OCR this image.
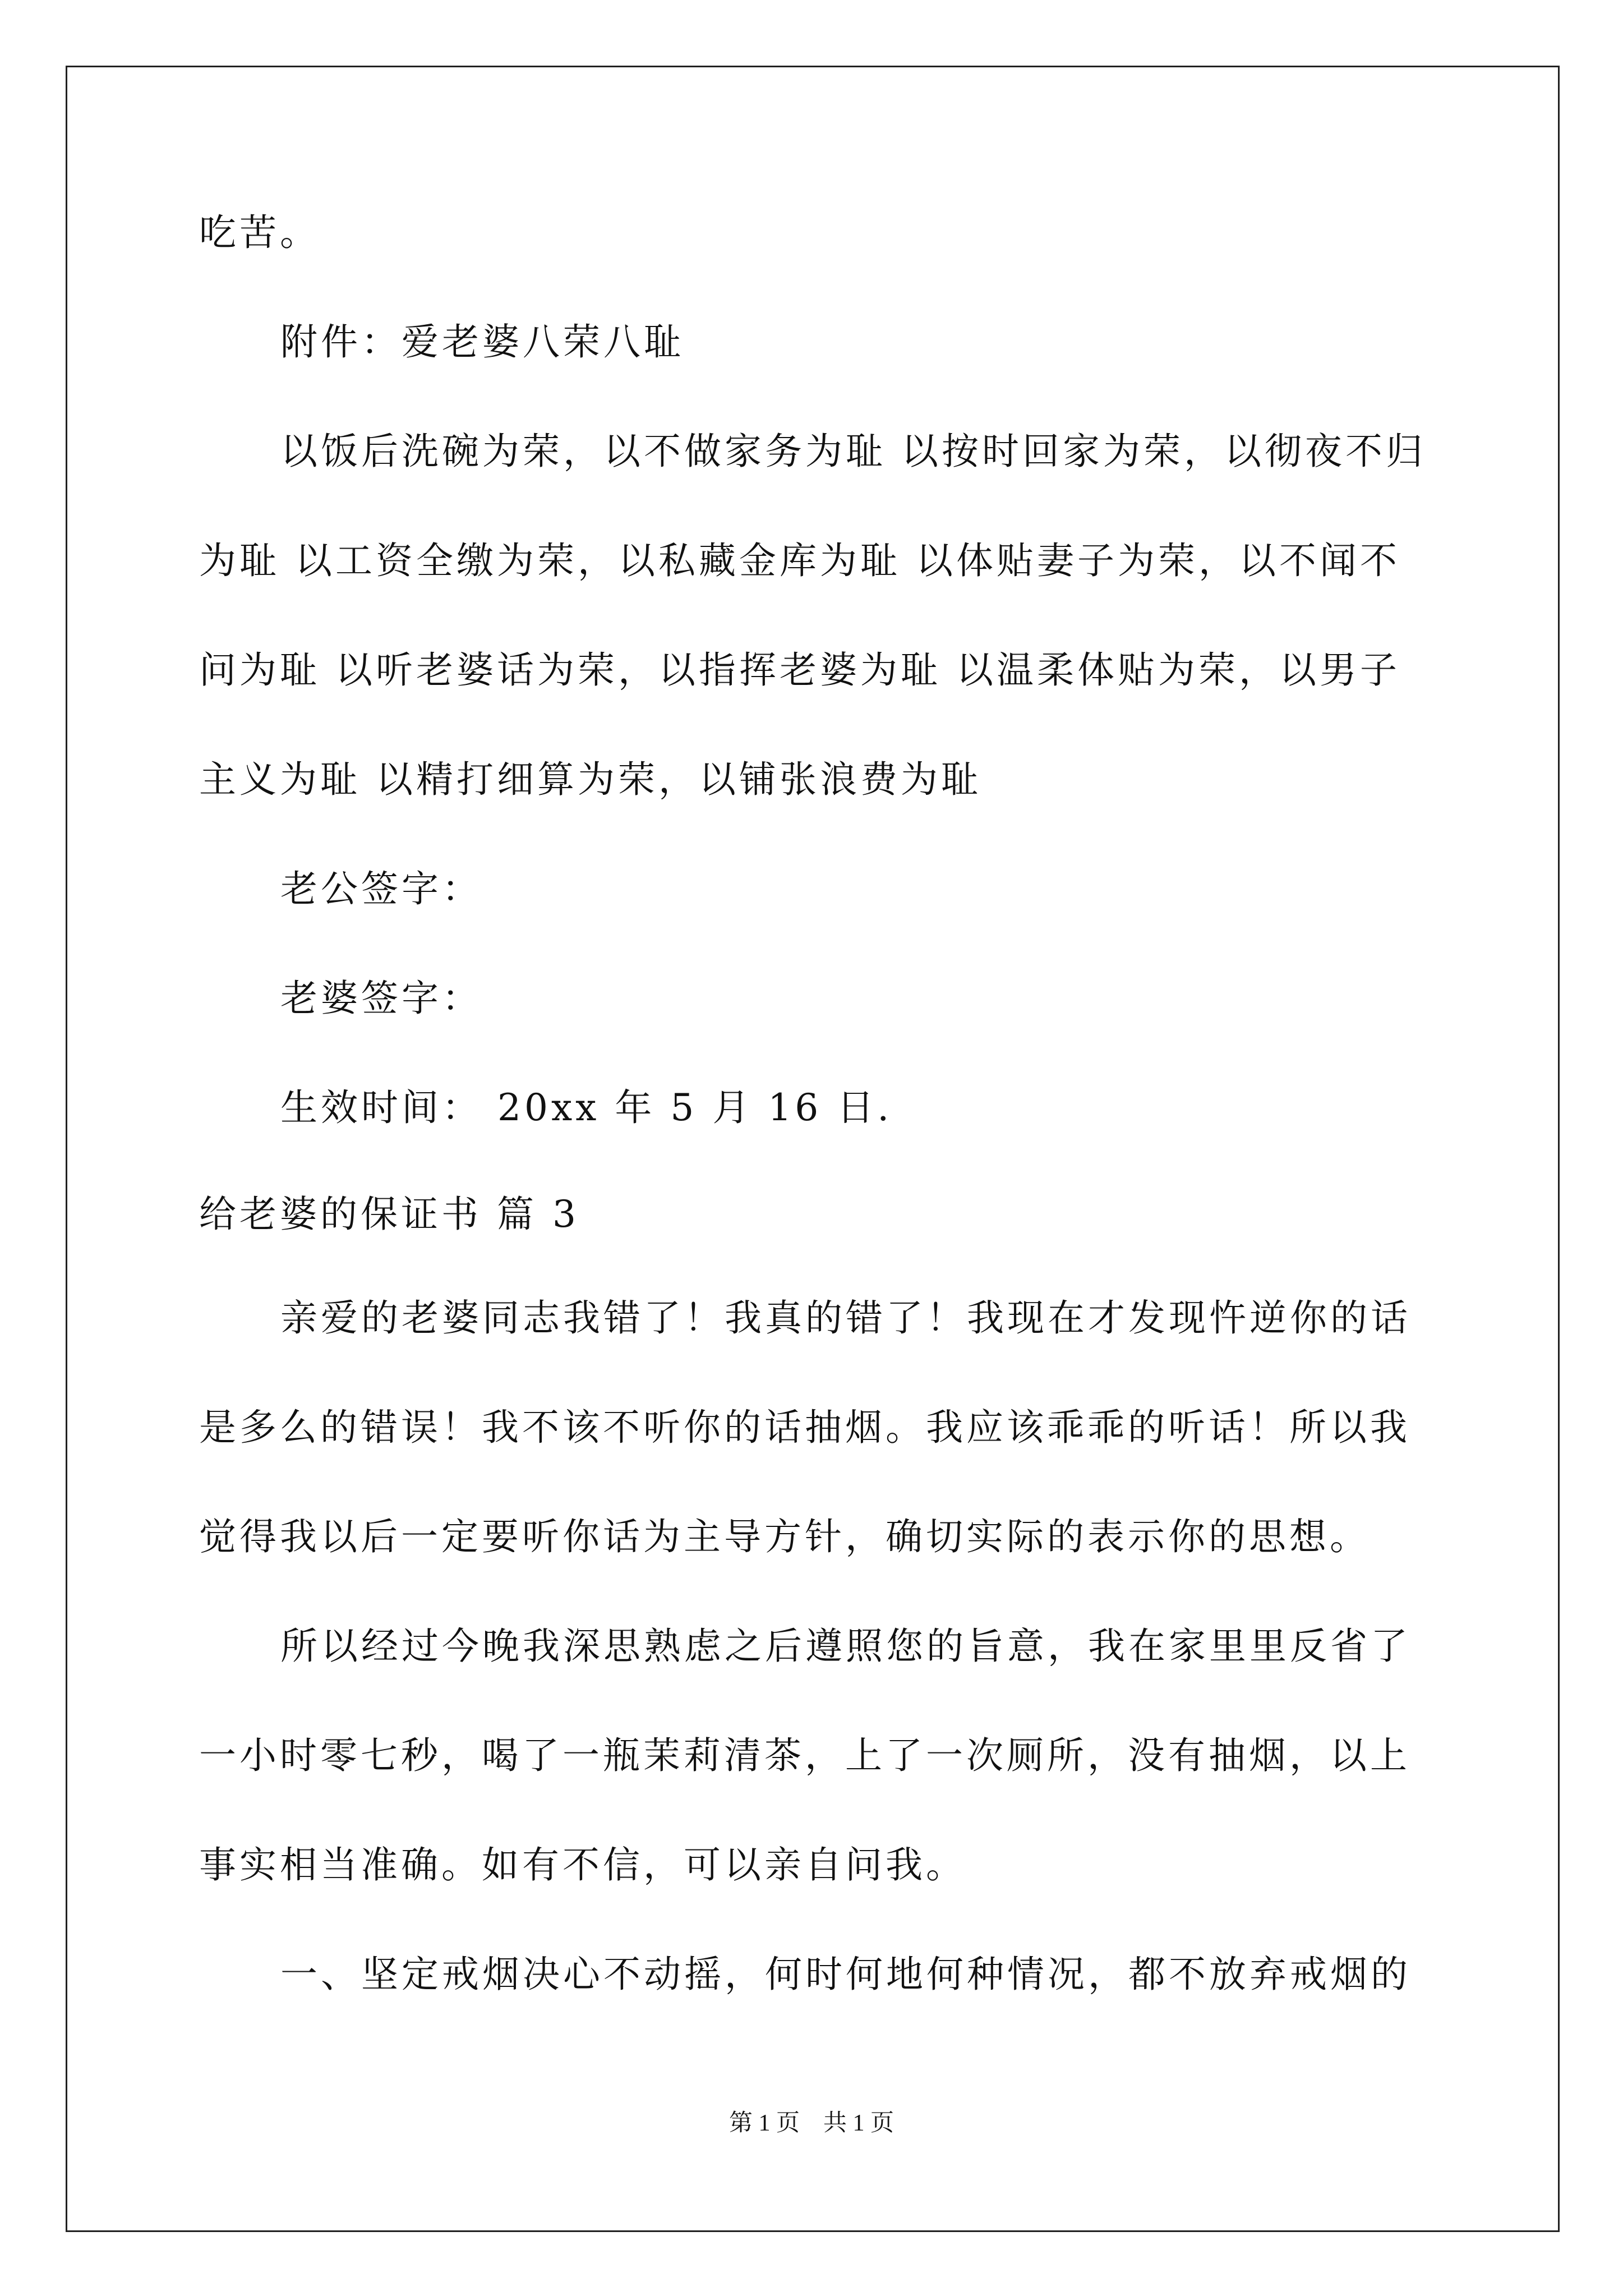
吃苦。
附件：爱老婆八荣八耻
以饭后洗碗为荣，以不做家务为耻 以按时回家为荣，以彻夜不归
为耻 以工资全缴为荣，以私藏金库为耻 以体贴妻子为荣，以不闻不
问为耻 以听老婆话为荣，以指挥老婆为耻 以温柔体贴为荣，以男子
主义为耻 以精打细算为荣，以铺张浪费为耻
老公签字：
老婆签字：
生效时间： 20xx 年 5 月 16 日.
给老婆的保证书 篇 3
亲爱的老婆同志我错了！我真的错了！我现在才发现忤逆你的话
是多么的错误！我不该不听你的话抽烟。我应该乖乖的听话！所以我
觉得我以后一定要听你话为主导方针，确切实际的表示你的思想。
所以经过今晚我深思熟虑之后遵照您的旨意，我在家里里反省了
一小时零七秒，喝了一瓶茉莉清茶，上了一次厕所，没有抽烟，以上
事实相当准确。如有不信，可以亲自问我。
一、坚定戒烟决心不动摇，何时何地何种情况，都不放弃戒烟的
第 1 页　共 1 页
